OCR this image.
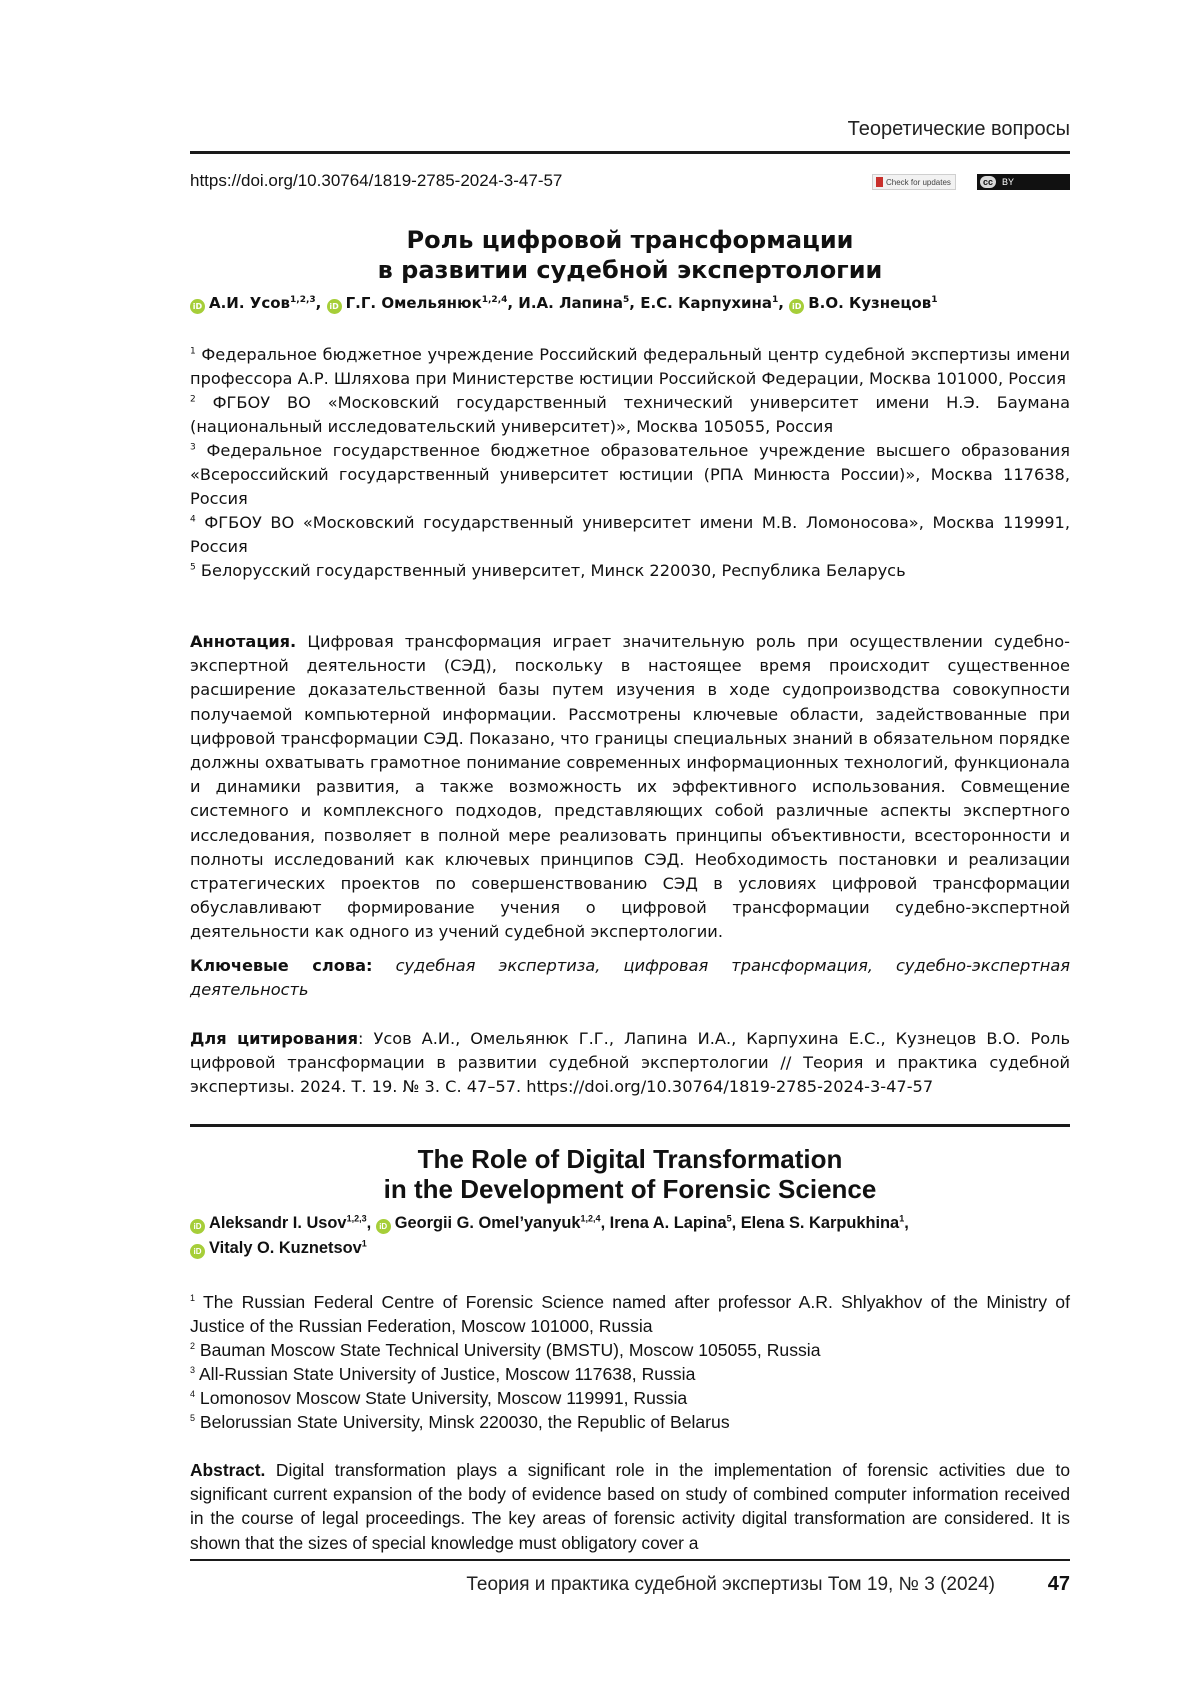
Теоретические вопросы
https://doi.org/10.30764/1819-2785-2024-3-47-57	Check for updates	cc	BY
Роль цифровой трансформации
в развитии судебной экспертологии
iD А.И. Усов$^{1,2,3}$, iD Г.Г. Омельянюк$^{1,2,4}$, И.А. Лапина$^5$, Е.С. Карпухина$^1$, iD В.О. Кузнецов$^1$

$^1$ Федеральное бюджетное учреждение Российский федеральный центр судебной экспертизы имени профессора А.Р. Шляхова при Министерстве юстиции Российской Федерации, Москва 101000, Россия

$^2$ ФГБОУ ВО «Московский государственный технический университет имени Н.Э. Баумана (национальный исследовательский университет)», Москва 105055, Россия

$^3$ Федеральное государственное бюджетное образовательное учреждение высшего образования «Всероссийский государственный университет юстиции (РПА Минюста России)», Москва 117638, Россия

$^4$ ФГБОУ ВО «Московский государственный университет имени М.В. Ломоносова», Москва 119991, Россия

$^5$ Белорусский государственный университет, Минск 220030, Республика Беларусь

Аннотация. Цифровая трансформация играет значительную роль при осуществлении судебно-экспертной деятельности (СЭД), поскольку в настоящее время происходит существенное расширение доказательственной базы путем изучения в ходе судопроизводства совокупности получаемой компьютерной информации. Рассмотрены ключевые области, задействованные при цифровой трансформации СЭД. Показано, что границы специальных знаний в обязательном порядке должны охватывать грамотное понимание современных информационных технологий, функционала и динамики развития, а также возможность их эффективного использования. Совмещение системного и комплексного подходов, представляющих собой различные аспекты экспертного исследования, позволяет в полной мере реализовать принципы объективности, всесторонности и полноты исследований как ключевых принципов СЭД. Необходимость постановки и реализации стратегических проектов по совершенствованию СЭД в условиях цифровой трансформации обуславливают формирование учения о цифровой трансформации судебно-экспертной деятельности как одного из учений судебной экспертологии.

Ключевые слова: судебная экспертиза, цифровая трансформация, судебно-экспертная деятельность

Для цитирования: Усов А.И., Омельянюк Г.Г., Лапина И.А., Карпухина Е.С., Кузнецов В.О. Роль цифровой трансформации в развитии судебной экспертологии // Теория и практика судебной экспертизы. 2024. Т. 19. № 3. С. 47–57. https://doi.org/10.30764/1819-2785-2024-3-47-57

The Role of Digital Transformation
in the Development of Forensic Science
iD Aleksandr I. Usov$^{1,2,3}$, iD Georgii G. Omel’yanyuk$^{1,2,4}$, Irena A. Lapina$^5$, Elena S. Karpukhina$^1$,
iD Vitaly O. Kuznetsov$^1$

$^1$ The Russian Federal Centre of Forensic Science named after professor A.R. Shlyakhov of the Ministry of Justice of the Russian Federation, Moscow 101000, Russia

$^2$ Bauman Moscow State Technical University (BMSTU), Moscow 105055, Russia

$^3$ All-Russian State University of Justice, Moscow 117638, Russia

$^4$ Lomonosov Moscow State University, Moscow 119991, Russia

$^5$ Belorussian State University, Minsk 220030, the Republic of Belarus

Abstract. Digital transformation plays a significant role in the implementation of forensic activities due to significant current expansion of the body of evidence based on study of combined computer information received in the course of legal proceedings. The key areas of forensic activity digital transformation are considered. It is shown that the sizes of special knowledge must obligatory cover a

Теория и практика судебной экспертизы Том 19, № 3 (2024)	47
